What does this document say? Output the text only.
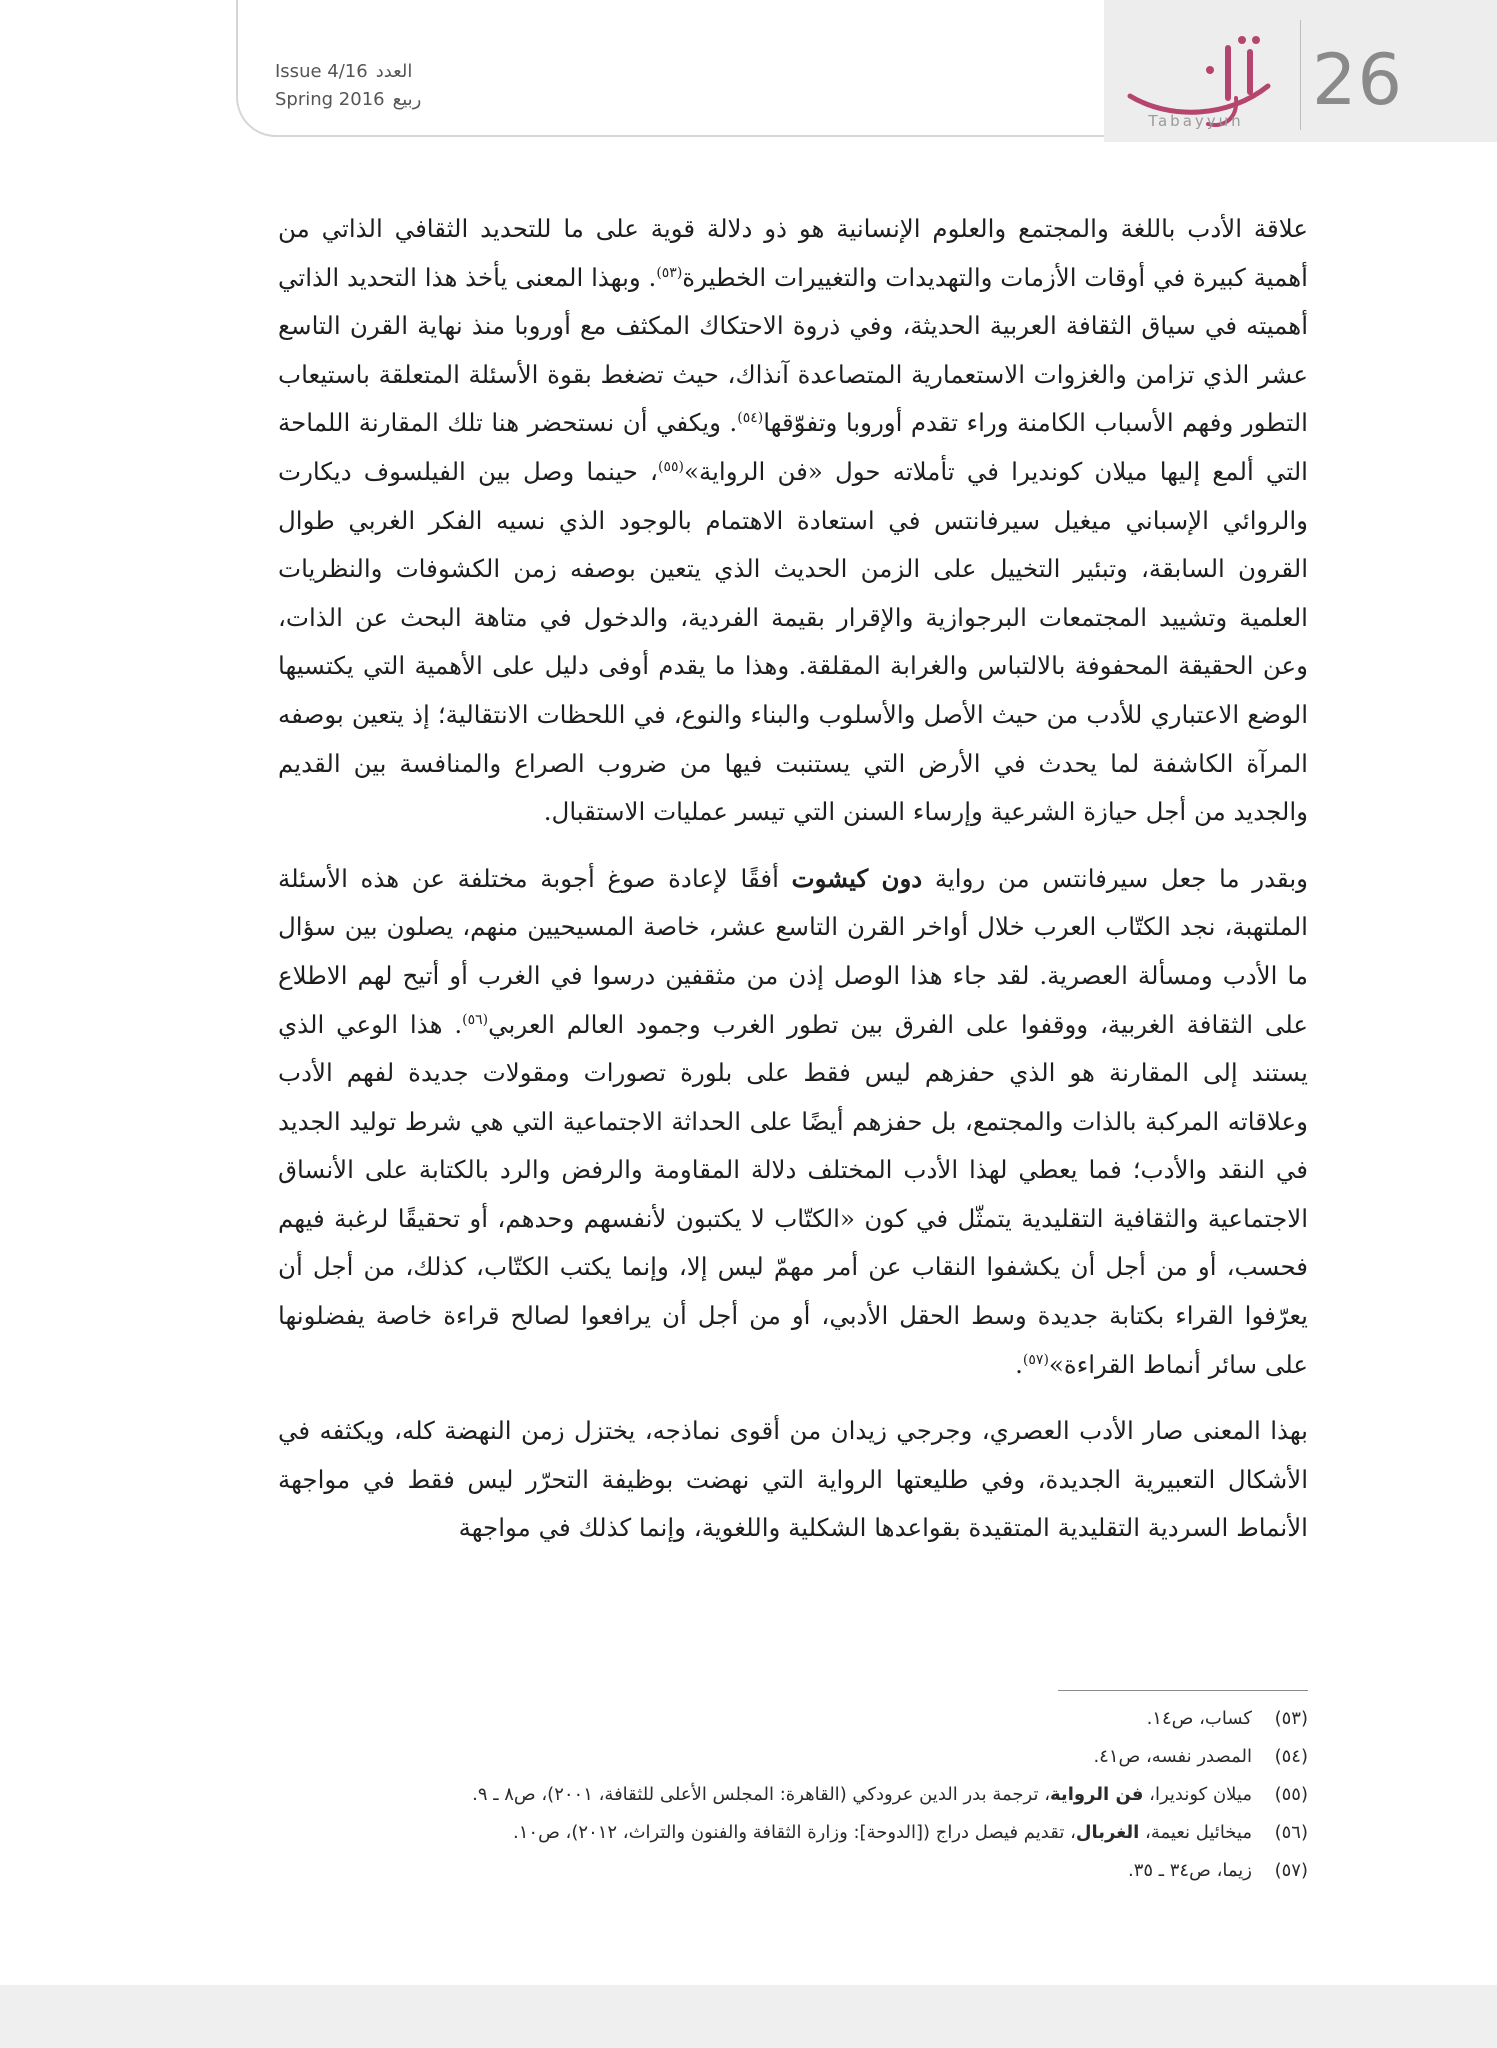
Issue 4/16 العدد
Spring 2016 ربيع
Tabayyun 26

علاقة الأدب باللغة والمجتمع والعلوم الإنسانية هو ذو دلالة قوية على ما للتحديد الثقافي الذاتي من أهمية كبيرة في أوقات الأزمات والتهديدات والتغييرات الخطيرة$^{(٥٣)}$. وبهذا المعنى يأخذ هذا التحديد الذاتي أهميته في سياق الثقافة العربية الحديثة، وفي ذروة الاحتكاك المكثف مع أوروبا منذ نهاية القرن التاسع عشر الذي تزامن والغزوات الاستعمارية المتصاعدة آنذاك، حيث تضغط بقوة الأسئلة المتعلقة باستيعاب التطور وفهم الأسباب الكامنة وراء تقدم أوروبا وتفوّقها$^{(٥٤)}$. ويكفي أن نستحضر هنا تلك المقارنة اللماحة التي ألمع إليها ميلان كونديرا في تأملاته حول «فن الرواية»$^{(٥٥)}$، حينما وصل بين الفيلسوف ديكارت والروائي الإسباني ميغيل سيرفانتس في استعادة الاهتمام بالوجود الذي نسيه الفكر الغربي طوال القرون السابقة، وتبئير التخييل على الزمن الحديث الذي يتعين بوصفه زمن الكشوفات والنظريات العلمية وتشييد المجتمعات البرجوازية والإقرار بقيمة الفردية، والدخول في متاهة البحث عن الذات، وعن الحقيقة المحفوفة بالالتباس والغرابة المقلقة. وهذا ما يقدم أوفى دليل على الأهمية التي يكتسيها الوضع الاعتباري للأدب من حيث الأصل والأسلوب والبناء والنوع، في اللحظات الانتقالية؛ إذ يتعين بوصفه المرآة الكاشفة لما يحدث في الأرض التي يستنبت فيها من ضروب الصراع والمنافسة بين القديم والجديد من أجل حيازة الشرعية وإرساء السنن التي تيسر عمليات الاستقبال.

وبقدر ما جعل سيرفانتس من رواية دون كيشوت أفقًا لإعادة صوغ أجوبة مختلفة عن هذه الأسئلة الملتهبة، نجد الكتّاب العرب خلال أواخر القرن التاسع عشر، خاصة المسيحيين منهم، يصلون بين سؤال ما الأدب ومسألة العصرية. لقد جاء هذا الوصل إذن من مثقفين درسوا في الغرب أو أتيح لهم الاطلاع على الثقافة الغربية، ووقفوا على الفرق بين تطور الغرب وجمود العالم العربي$^{(٥٦)}$. هذا الوعي الذي يستند إلى المقارنة هو الذي حفزهم ليس فقط على بلورة تصورات ومقولات جديدة لفهم الأدب وعلاقاته المركبة بالذات والمجتمع، بل حفزهم أيضًا على الحداثة الاجتماعية التي هي شرط توليد الجديد في النقد والأدب؛ فما يعطي لهذا الأدب المختلف دلالة المقاومة والرفض والرد بالكتابة على الأنساق الاجتماعية والثقافية التقليدية يتمثّل في كون «الكتّاب لا يكتبون لأنفسهم وحدهم، أو تحقيقًا لرغبة فيهم فحسب، أو من أجل أن يكشفوا النقاب عن أمر مهمّ ليس إلا، وإنما يكتب الكتّاب، كذلك، من أجل أن يعرّفوا القراء بكتابة جديدة وسط الحقل الأدبي، أو من أجل أن يرافعوا لصالح قراءة خاصة يفضلونها على سائر أنماط القراءة»$^{(٥٧)}$.

بهذا المعنى صار الأدب العصري، وجرجي زيدان من أقوى نماذجه، يختزل زمن النهضة كله، ويكثفه في الأشكال التعبيرية الجديدة، وفي طليعتها الرواية التي نهضت بوظيفة التحرّر ليس فقط في مواجهة الأنماط السردية التقليدية المتقيدة بقواعدها الشكلية واللغوية، وإنما كذلك في مواجهة

(٥٣)
كساب، ص١٤.
(٥٤)
المصدر نفسه، ص٤١.
(٥٥)
ميلان كونديرا، فن الرواية، ترجمة بدر الدين عرودكي (القاهرة: المجلس الأعلى للثقافة، ٢٠٠١)، ص٨ ـ ٩.
(٥٦)
ميخائيل نعيمة، الغربال، تقديم فيصل دراج ([الدوحة]: وزارة الثقافة والفنون والتراث، ٢٠١٢)، ص١٠.
(٥٧)
زيما، ص٣٤ ـ ٣٥.
